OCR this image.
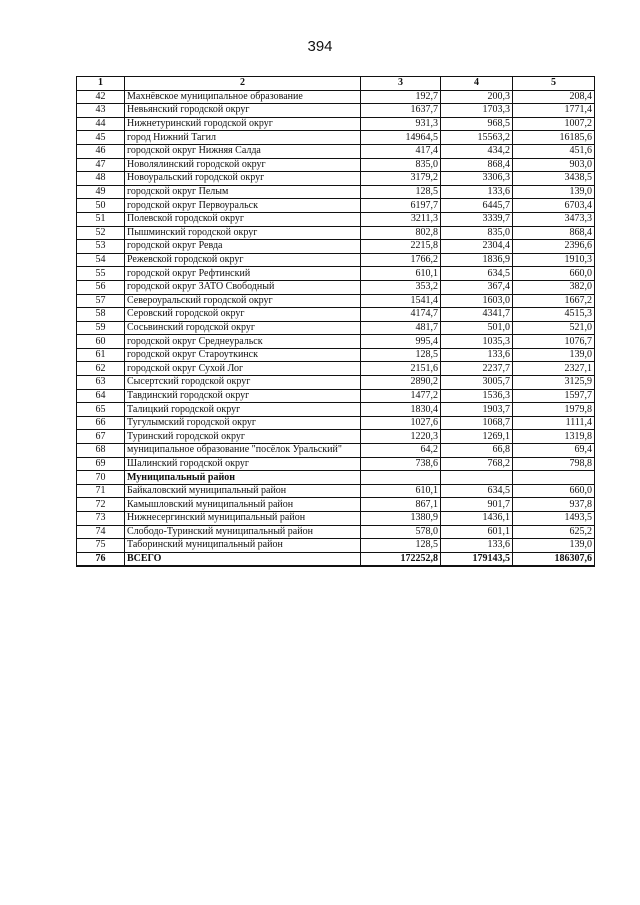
394
1	2	3	4	5
42	Махнёвское муниципальное образование	192,7	200,3	208,4
43	Невьянский городской округ	1637,7	1703,3	1771,4
44	Нижнетуринский городской округ	931,3	968,5	1007,2
45	город Нижний Тагил	14964,5	15563,2	16185,6
46	городской округ Нижняя Салда	417,4	434,2	451,6
47	Новолялинский городской округ	835,0	868,4	903,0
48	Новоуральский городской округ	3179,2	3306,3	3438,5
49	городской округ Пелым	128,5	133,6	139,0
50	городской округ Первоуральск	6197,7	6445,7	6703,4
51	Полевской городской округ	3211,3	3339,7	3473,3
52	Пышминский городской округ	802,8	835,0	868,4
53	городской округ Ревда	2215,8	2304,4	2396,6
54	Режевской городской округ	1766,2	1836,9	1910,3
55	городской округ Рефтинский	610,1	634,5	660,0
56	городской округ ЗАТО Свободный	353,2	367,4	382,0
57	Североуральский городской округ	1541,4	1603,0	1667,2
58	Серовский городской округ	4174,7	4341,7	4515,3
59	Сосьвинский городской округ	481,7	501,0	521,0
60	городской округ Среднеуральск	995,4	1035,3	1076,7
61	городской округ Староуткинск	128,5	133,6	139,0
62	городской округ Сухой Лог	2151,6	2237,7	2327,1
63	Сысертский городской округ	2890,2	3005,7	3125,9
64	Тавдинский городской округ	1477,2	1536,3	1597,7
65	Талицкий городской округ	1830,4	1903,7	1979,8
66	Тугулымский городской округ	1027,6	1068,7	1111,4
67	Туринский городской округ	1220,3	1269,1	1319,8
68	муниципальное образование "посёлок Уральский"	64,2	66,8	69,4
69	Шалинский городской округ	738,6	768,2	798,8
70	Муниципальный район			
71	Байкаловский муниципальный район	610,1	634,5	660,0
72	Камышловский муниципальный район	867,1	901,7	937,8
73	Нижнесергинский муниципальный район	1380,9	1436,1	1493,5
74	Слободо-Туринский муниципальный район	578,0	601,1	625,2
75	Таборинский муниципальный район	128,5	133,6	139,0
76	ВСЕГО	172252,8	179143,5	186307,6
